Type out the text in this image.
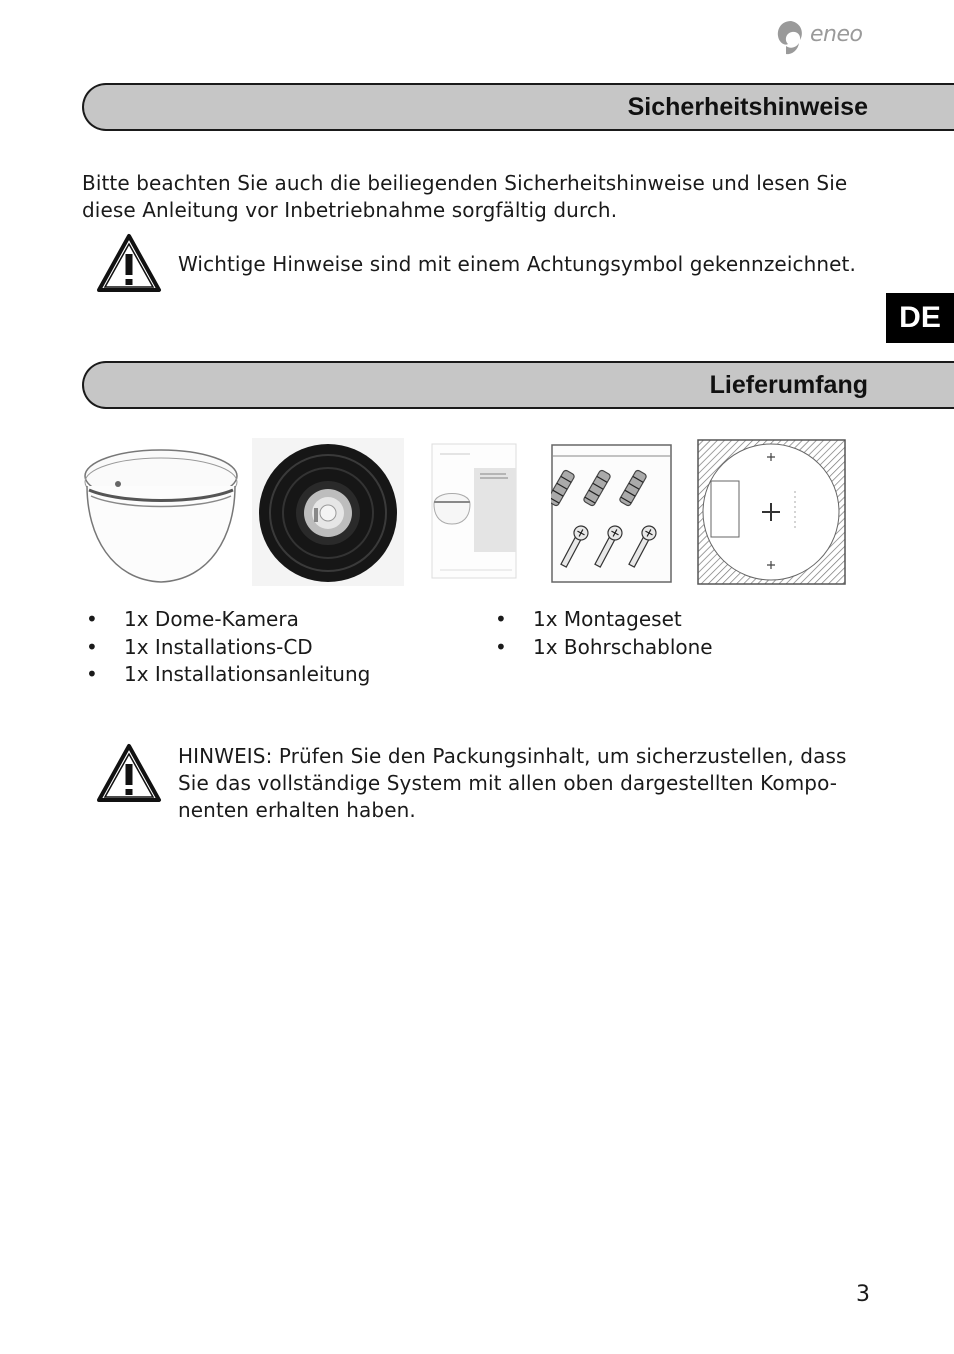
eneo
Sicherheitshinweise
Bitte beachten Sie auch die beiliegenden Sicherheitshinweise und lesen Sie
diese Anleitung vor Inbetriebnahme sorgfältig durch.
Wichtige Hinweise sind mit einem Achtungsymbol gekennzeichnet.
DE
Lieferumfang
• 1x Dome-Kamera
• 1x Installations-CD
• 1x Installationsanleitung
• 1x Montageset
• 1x Bohrschablone
HINWEIS: Prüfen Sie den Packungsinhalt, um sicherzustellen, dass
Sie das vollständige System mit allen oben dargestellten Kompo-
nenten erhalten haben.
3
